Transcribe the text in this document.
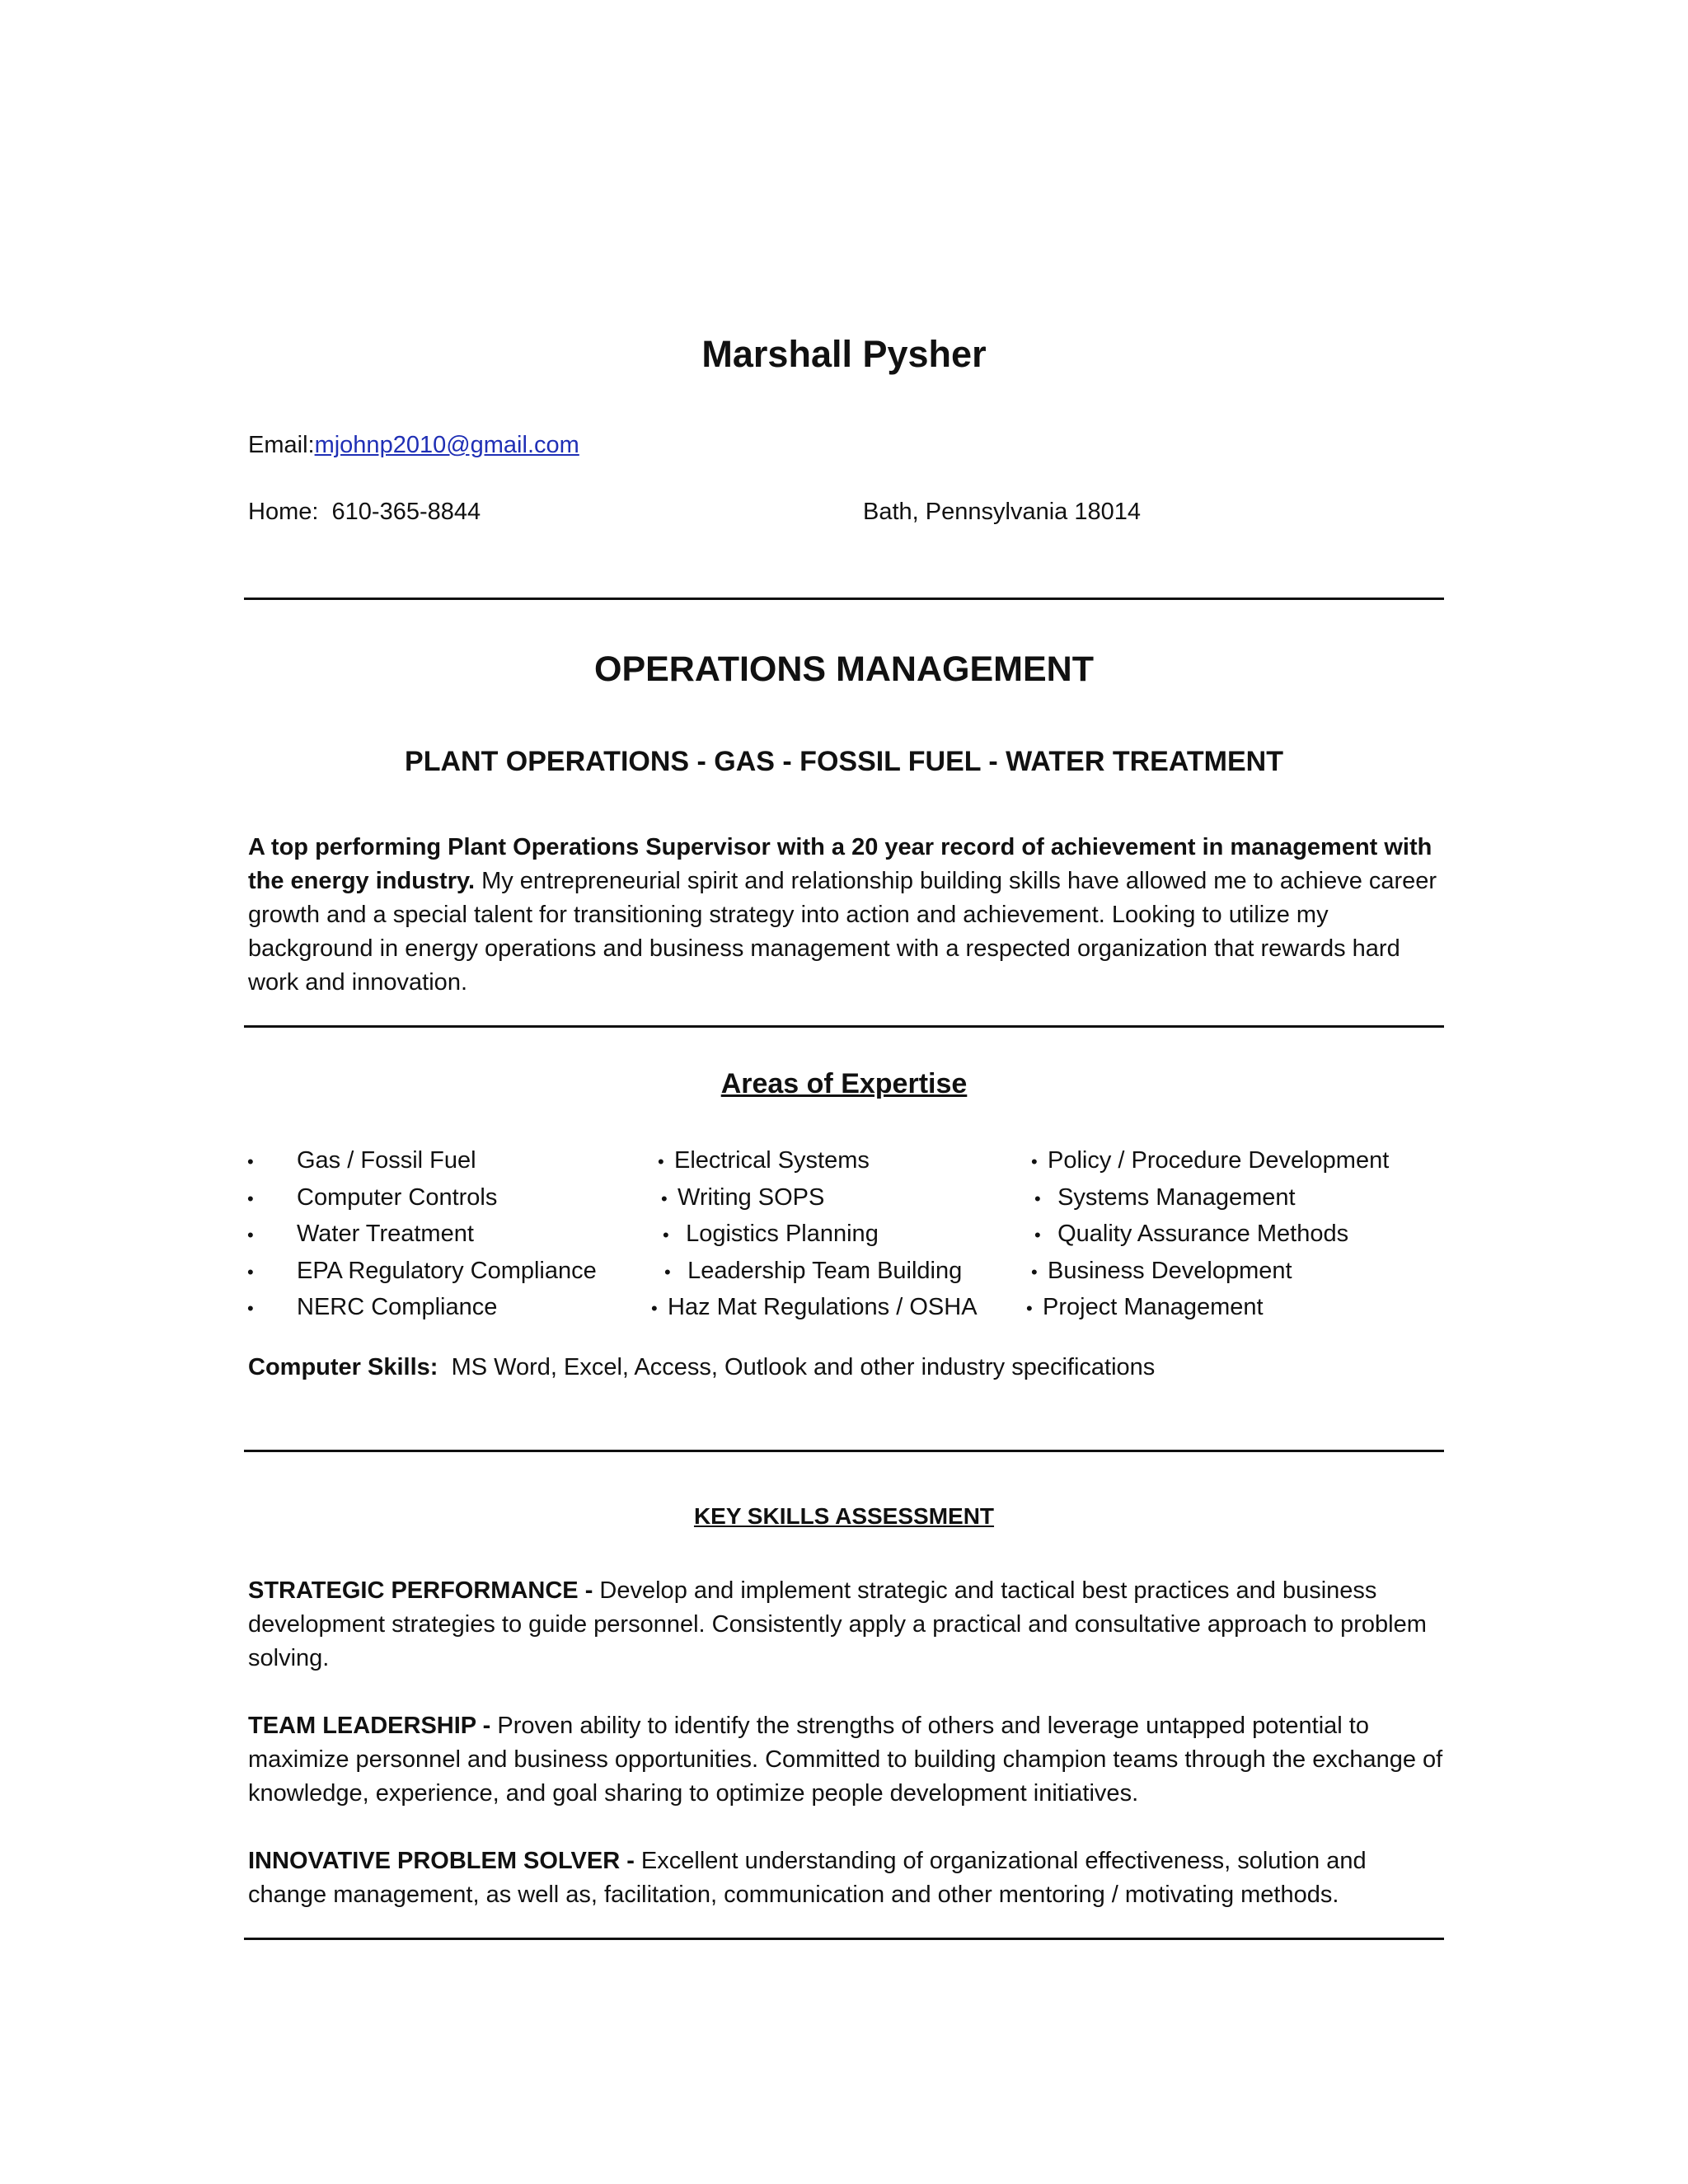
Marshall Pysher
Email:mjohnp2010@gmail.com
Home: 610-365-8844	Bath, Pennsylvania 18014
OPERATIONS MANAGEMENT
PLANT OPERATIONS - GAS - FOSSIL FUEL - WATER TREATMENT
A top performing Plant Operations Supervisor with a 20 year record of achievement in management with the energy industry. My entrepreneurial spirit and relationship building skills have allowed me to achieve career growth and a special talent for transitioning strategy into action and achievement. Looking to utilize my background in energy operations and business management with a respected organization that rewards hard work and innovation.
Areas of Expertise
• Gas / Fossil Fuel
• Computer Controls
• Water Treatment
• EPA Regulatory Compliance
• NERC Compliance
• Electrical Systems
• Writing SOPS
• Logistics Planning
• Leadership Team Building
• Haz Mat Regulations / OSHA
• Policy / Procedure Development
• Systems Management
• Quality Assurance Methods
• Business Development
• Project Management
Computer Skills: MS Word, Excel, Access, Outlook and other industry specifications
KEY SKILLS ASSESSMENT
STRATEGIC PERFORMANCE - Develop and implement strategic and tactical best practices and business development strategies to guide personnel. Consistently apply a practical and consultative approach to problem solving.
TEAM LEADERSHIP - Proven ability to identify the strengths of others and leverage untapped potential to maximize personnel and business opportunities. Committed to building champion teams through the exchange of knowledge, experience, and goal sharing to optimize people development initiatives.
INNOVATIVE PROBLEM SOLVER - Excellent understanding of organizational effectiveness, solution and change management, as well as, facilitation, communication and other mentoring / motivating methods.
